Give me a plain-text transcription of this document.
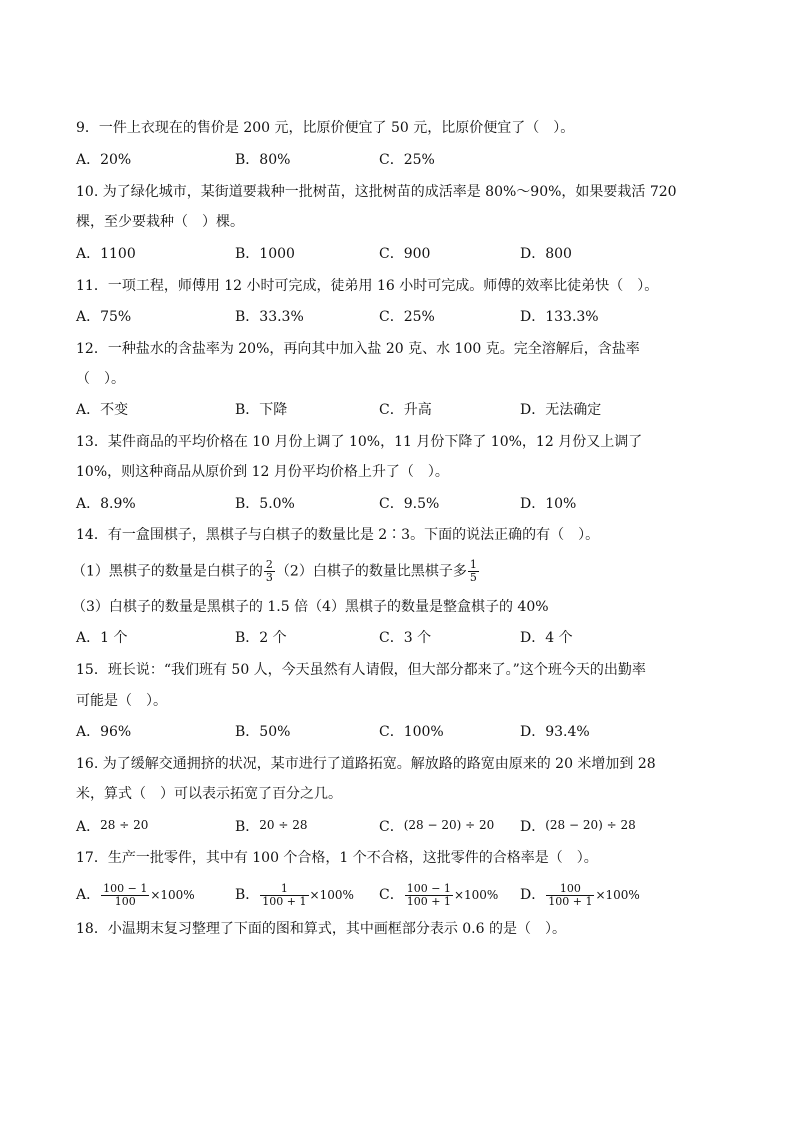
9．一件上衣现在的售价是 200 元，比原价便宜了 50 元，比原价便宜了（　）。
A．20%	B．80%	C．25%
10. 为了绿化城市，某街道要栽种一批树苗，这批树苗的成活率是 80%～90%，如果要栽活 720
棵，至少要栽种（　）棵。
A．1100	B．1000	C．900	D．800
11．一项工程，师傅用 12 小时可完成，徒弟用 16 小时可完成。师傅的效率比徒弟快（　）。
A．75%	B．33.3%	C．25%	D．133.3%
12．一种盐水的含盐率为 20%，再向其中加入盐 20 克、水 100 克。完全溶解后，含盐率
（　）。
A．不变	B．下降	C．升高	D．无法确定
13．某件商品的平均价格在 10 月份上调了 10%，11 月份下降了 10%，12 月份又上调了
10%，则这种商品从原价到 12 月份平均价格上升了（　）。
A．8.9%	B．5.0%	C．9.5%	D．10%
14．有一盒围棋子，黑棋子与白棋子的数量比是 2∶3。下面的说法正确的有（　）。
（1）黑棋子的数量是白棋子的 $\frac{2}{3} (2)$白棋子的数量比黑棋子多 $\frac{1}{5}$
（3）白棋子的数量是黑棋子的 1.5 倍（4）黑棋子的数量是整盒棋子的 40%
A．1 个	B．2 个	C．3 个	D．4 个
15．班长说：“我们班有 50 人，今天虽然有人请假，但大部分都来了。”这个班今天的出勤率
可能是（　）。
A．96%	B．50%	C．100%	D．93.4%
16. 为了缓解交通拥挤的状况，某市进行了道路拓宽。解放路的路宽由原来的 20 米增加到 28
米，算式（　）可以表示拓宽了百分之几。
A．28 ÷ 20	B．20 ÷ 28	C．(28 − 20) ÷ 20 D．(28 − 20) ÷ 28
17．生产一批零件，其中有 100 个合格，1 个不合格，这批零件的合格率是（　）。
A． $\frac{100 - 1}{100} \times 100\%$	B． $\frac{1}{100 + 1} \times 100\%$ C． $\frac{100 - 1}{100 + 1} \times 100\%$ D． $\frac{100}{100 + 1} \times 100\%$
18．小温期末复习整理了下面的图和算式，其中画框部分表示 0.6 的是（　）。
